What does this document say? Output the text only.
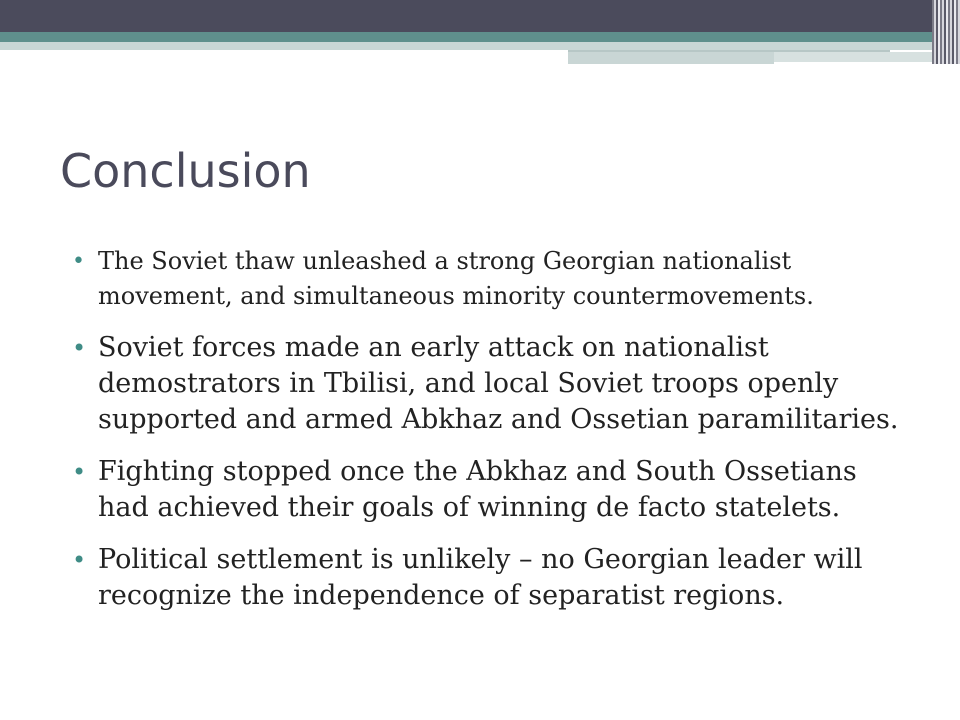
Conclusion
• The Soviet thaw unleashed a strong Georgian nationalist movement, and simultaneous minority countermovements.
• Soviet forces made an early attack on nationalist demostrators in Tbilisi, and local Soviet troops openly supported and armed Abkhaz and Ossetian paramilitaries.
• Fighting stopped once the Abkhaz and South Ossetians had achieved their goals of winning de facto statelets.
• Political settlement is unlikely – no Georgian leader will recognize the independence of separatist regions.
